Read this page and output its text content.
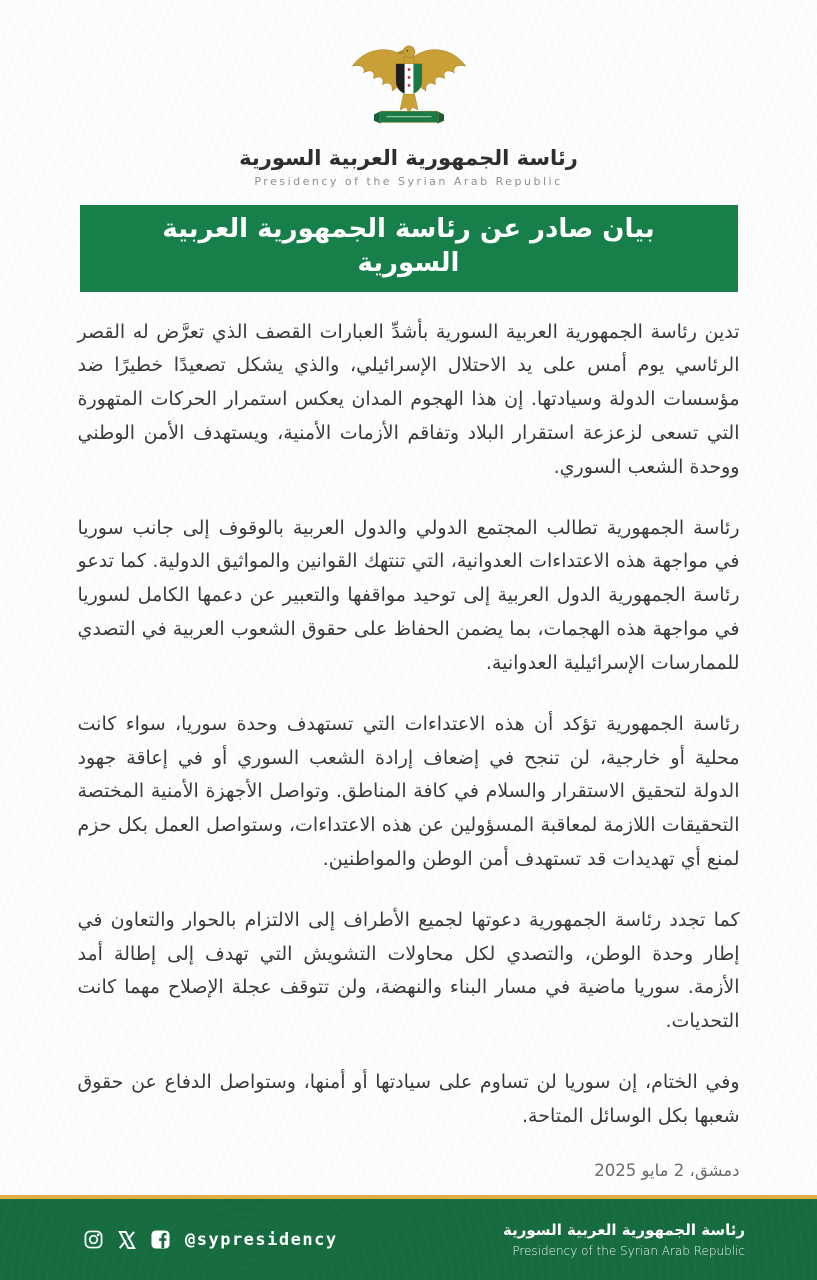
رئاسة الجمهورية العربية السورية
Presidency of the Syrian Arab Republic
بيان صادر عن رئاسة الجمهورية العربية السورية

تدين رئاسة الجمهورية العربية السورية بأشدِّ العبارات القصف الذي تعرَّض له القصر الرئاسي يوم أمس على يد الاحتلال الإسرائيلي، والذي يشكل تصعيدًا خطيرًا ضد مؤسسات الدولة وسيادتها. إن هذا الهجوم المدان يعكس استمرار الحركات المتهورة التي تسعى لزعزعة استقرار البلاد وتفاقم الأزمات الأمنية، ويستهدف الأمن الوطني ووحدة الشعب السوري.

رئاسة الجمهورية تطالب المجتمع الدولي والدول العربية بالوقوف إلى جانب سوريا في مواجهة هذه الاعتداءات العدوانية، التي تنتهك القوانين والمواثيق الدولية. كما تدعو رئاسة الجمهورية الدول العربية إلى توحيد مواقفها والتعبير عن دعمها الكامل لسوريا في مواجهة هذه الهجمات، بما يضمن الحفاظ على حقوق الشعوب العربية في التصدي للممارسات الإسرائيلية العدوانية.

رئاسة الجمهورية تؤكد أن هذه الاعتداءات التي تستهدف وحدة سوريا، سواء كانت محلية أو خارجية، لن تنجح في إضعاف إرادة الشعب السوري أو في إعاقة جهود الدولة لتحقيق الاستقرار والسلام في كافة المناطق. وتواصل الأجهزة الأمنية المختصة التحقيقات اللازمة لمعاقبة المسؤولين عن هذه الاعتداءات، وستواصل العمل بكل حزم لمنع أي تهديدات قد تستهدف أمن الوطن والمواطنين.

كما تجدد رئاسة الجمهورية دعوتها لجميع الأطراف إلى الالتزام بالحوار والتعاون في إطار وحدة الوطن، والتصدي لكل محاولات التشويش التي تهدف إلى إطالة أمد الأزمة. سوريا ماضية في مسار البناء والنهضة، ولن تتوقف عجلة الإصلاح مهما كانت التحديات.

وفي الختام، إن سوريا لن تساوم على سيادتها أو أمنها، وستواصل الدفاع عن حقوق شعبها بكل الوسائل المتاحة.

دمشق، 2 مايو 2025
@sypresidency	رئاسة الجمهورية العربية السورية
Presidency of the Syrian Arab Republic
